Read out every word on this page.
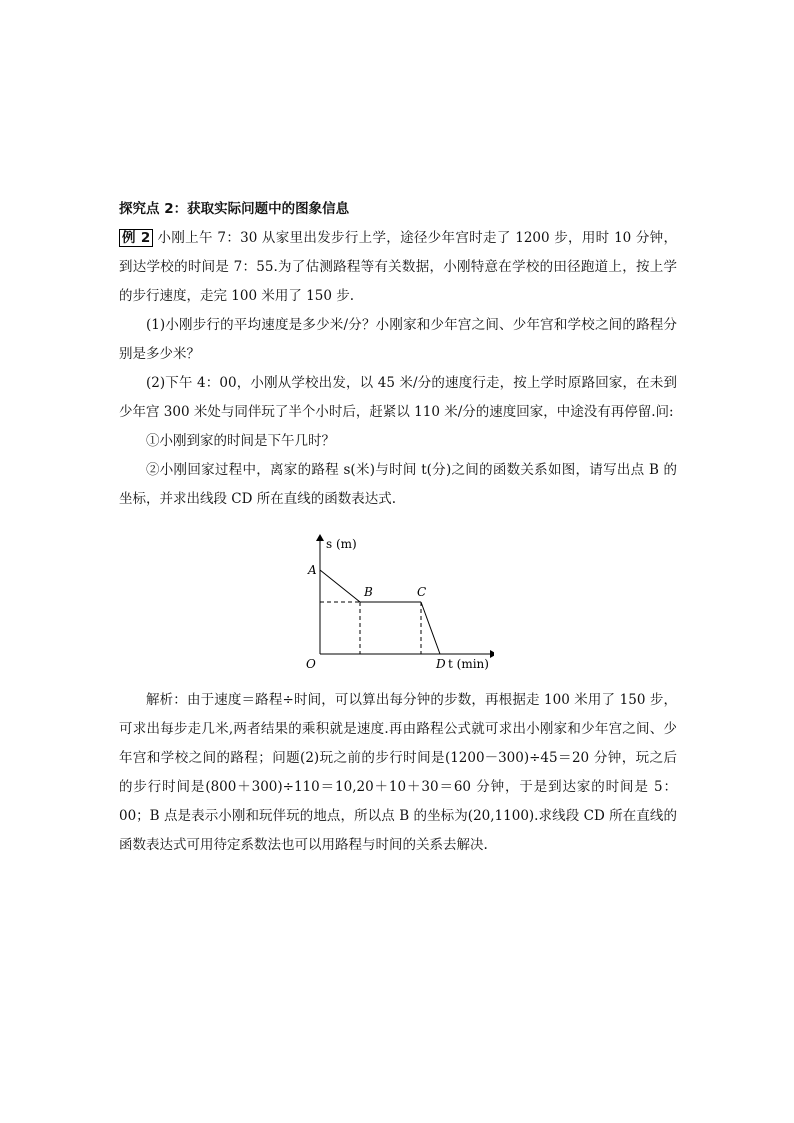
探究点 2：获取实际问题中的图象信息

例 2 小刚上午 7：30 从家里出发步行上学，途径少年宫时走了 1200 步，用时 10 分钟，到达学校的时间是 7：55.为了估测路程等有关数据，小刚特意在学校的田径跑道上，按上学的步行速度，走完 100 米用了 150 步.

(1)小刚步行的平均速度是多少米/分？小刚家和少年宫之间、少年宫和学校之间的路程分别是多少米？

(2)下午 4：00，小刚从学校出发，以 45 米/分的速度行走，按上学时原路回家，在未到少年宫 300 米处与同伴玩了半个小时后，赶紧以 110 米/分的速度回家，中途没有再停留.问:

①小刚到家的时间是下午几时？

②小刚回家过程中，离家的路程 s(米)与时间 t(分)之间的函数关系如图，请写出点 B 的坐标，并求出线段 CD 所在直线的函数表达式.

s (m)
A
B	C
D t (min)
O

解析：由于速度＝路程÷时间，可以算出每分钟的步数，再根据走 100 米用了 150 步，可求出每步走几米,两者结果的乘积就是速度.再由路程公式就可求出小刚家和少年宫之间、少年宫和学校之间的路程；问题(2)玩之前的步行时间是(1200－300)÷45＝20 分钟，玩之后的步行时间是(800＋300)÷110＝10,20＋10＋30＝60 分钟，于是到达家的时间是 5：00；B 点是表示小刚和玩伴玩的地点，所以点 B 的坐标为(20,1100).求线段 CD 所在直线的函数表达式可用待定系数法也可以用路程与时间的关系去解决.
